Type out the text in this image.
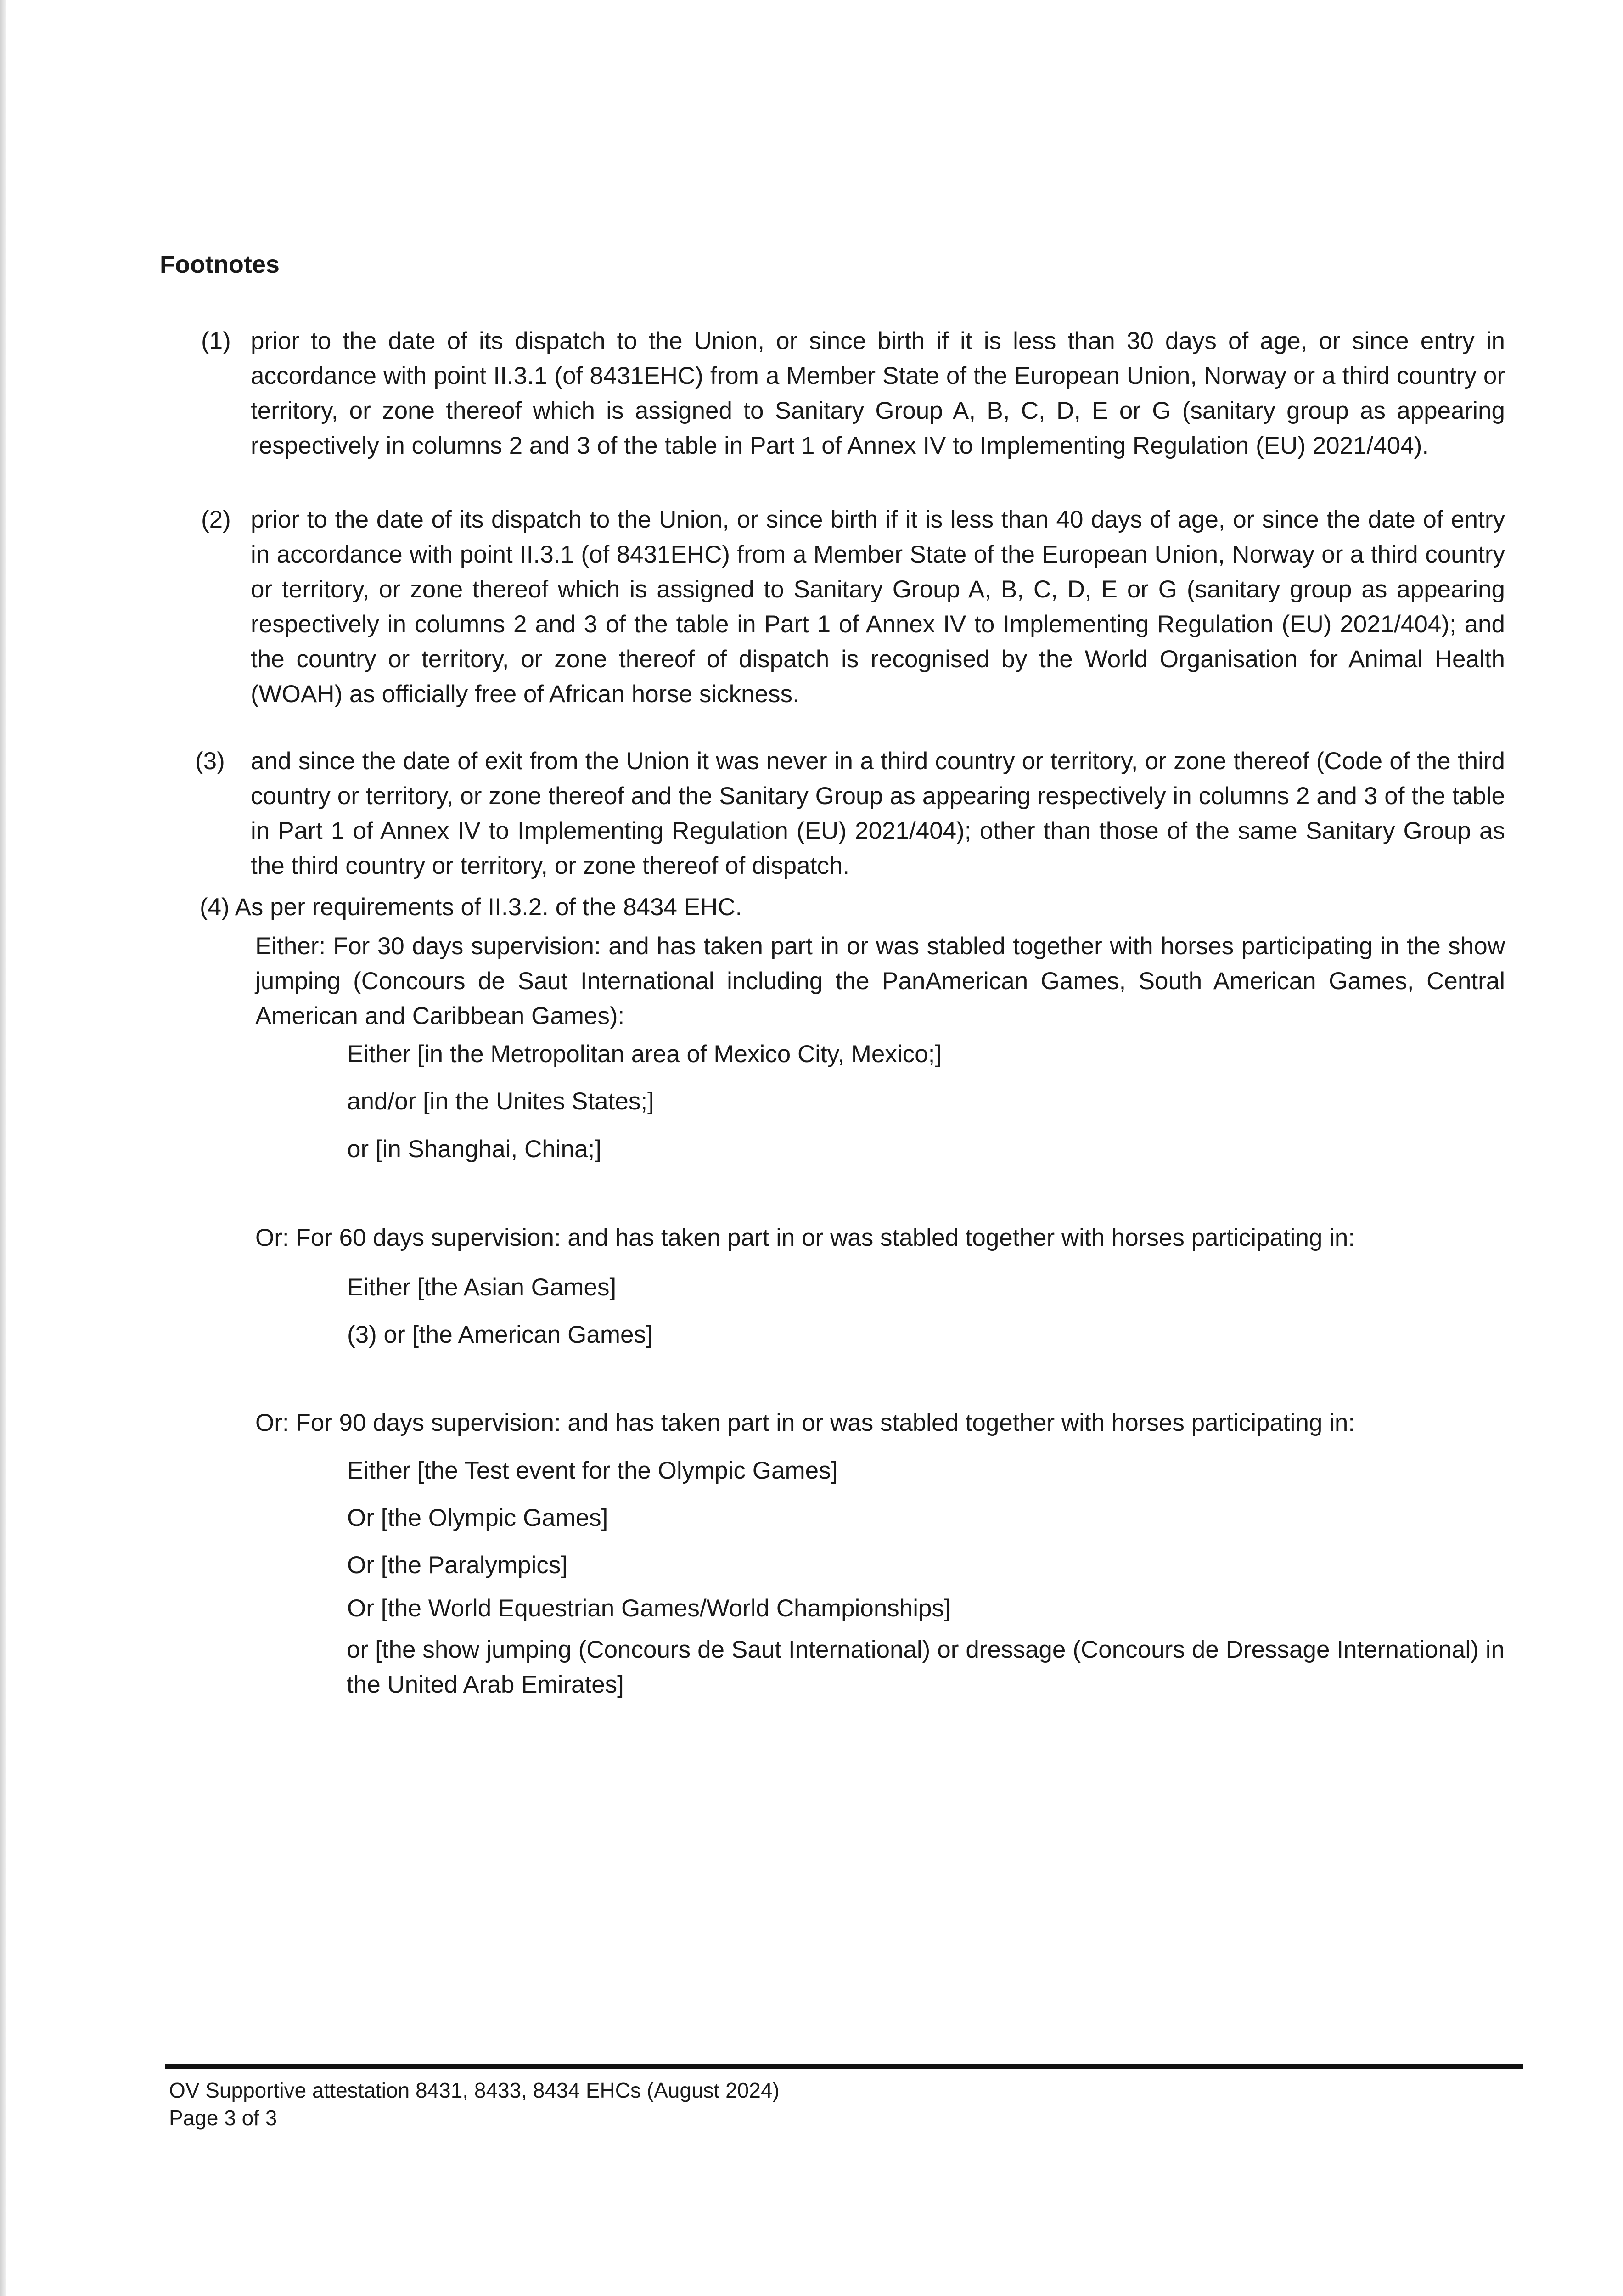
Footnotes
(1) prior to the date of its dispatch to the Union, or since birth if it is less than 30 days of age, or since entry in accordance with point II.3.1 (of 8431EHC) from a Member State of the European Union, Norway or a third country or territory, or zone thereof which is assigned to Sanitary Group A, B, C, D, E or G (sanitary group as appearing respectively in columns 2 and 3 of the table in Part 1 of Annex IV to Implementing Regulation (EU) 2021/404).
(2) prior to the date of its dispatch to the Union, or since birth if it is less than 40 days of age, or since the date of entry in accordance with point II.3.1 (of 8431EHC) from a Member State of the European Union, Norway or a third country or territory, or zone thereof which is assigned to Sanitary Group A, B, C, D, E or G (sanitary group as appearing respectively in columns 2 and 3 of the table in Part 1 of Annex IV to Implementing Regulation (EU) 2021/404); and the country or territory, or zone thereof of dispatch is recognised by the World Organisation for Animal Health (WOAH) as officially free of African horse sickness.
(3)	and since the date of exit from the Union it was never in a third country or territory, or zone thereof (Code of the third country or territory, or zone thereof and the Sanitary Group as appearing respectively in columns 2 and 3 of the table in Part 1 of Annex IV to Implementing Regulation (EU) 2021/404); other than those of the same Sanitary Group as the third country or territory, or zone thereof of dispatch.

(4) As per requirements of II.3.2. of the 8434 EHC.

Either: For 30 days supervision: and has taken part in or was stabled together with horses participating in the show jumping (Concours de Saut International including the PanAmerican Games, South American Games, Central American and Caribbean Games):

Either [in the Metropolitan area of Mexico City, Mexico;]

and/or [in the Unites States;]

or [in Shanghai, China;]

Or: For 60 days supervision: and has taken part in or was stabled together with horses participating in:

Either [the Asian Games]

(3) or [the American Games]

Or: For 90 days supervision: and has taken part in or was stabled together with horses participating in:

Either [the Test event for the Olympic Games]

Or [the Olympic Games]

Or [the Paralympics]

Or [the World Equestrian Games/World Championships]

or [the show jumping (Concours de Saut International) or dressage (Concours de Dressage International) in the United Arab Emirates]

OV Supportive attestation 8431, 8433, 8434 EHCs (August 2024)

Page 3 of 3
